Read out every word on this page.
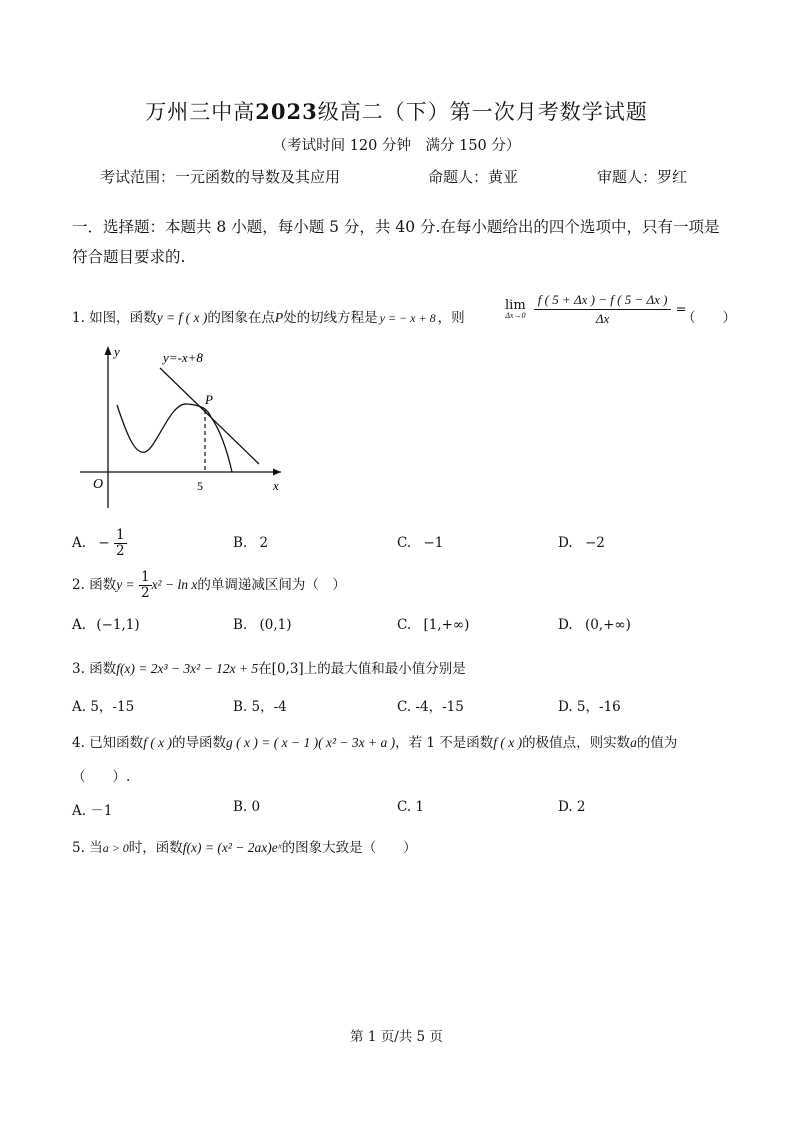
万州三中高2023级高二（下）第一次月考数学试题
（考试时间 120 分钟　满分 150 分）
考试范围：一元函数的导数及其应用	命题人：黄亚	审题人：罗红
一．选择题：本题共 8 小题，每小题 5 分，共 40 分.在每小题给出的四个选项中，只有一项是符合题目要求的.
1. 如图，函数y = f ( x )的图象在点P处的切线方程是 y = − x + 8 ，则
lim
Δx→0
$\frac{f ( 5 + \Delta x ) - f ( 5 - \Delta x )}{\Delta x}$ =
（　　）
y=-x+8
y
x
O
P
5
A. − $\frac{1}{2}$	B. 2	C. −1	D. −2
2. 函数$y = \frac{1}{2} x^2 - \ln x$的单调递减区间为（　）
A. (−1,1)	B. (0,1)	C. [1,+∞)	D. (0,+∞)
3. 函数f(x) = 2x³ − 3x² − 12x + 5在[0,3]上的最大值和最小值分别是
A. 5，-15	B. 5，-4	C. -4，-15	D. 5，-16
4. 已知函数f ( x )的导函数g ( x ) = ( x − 1 )( x² − 3x + a )，若 1 不是函数f ( x )的极值点，则实数a的值为
（　　）.
A. －1	B. 0	C. 1	D. 2
5. 当a > 0时，函数f(x) = (x² − 2ax)eˣ的图象大致是（　　）
第 1 页/共 5 页
